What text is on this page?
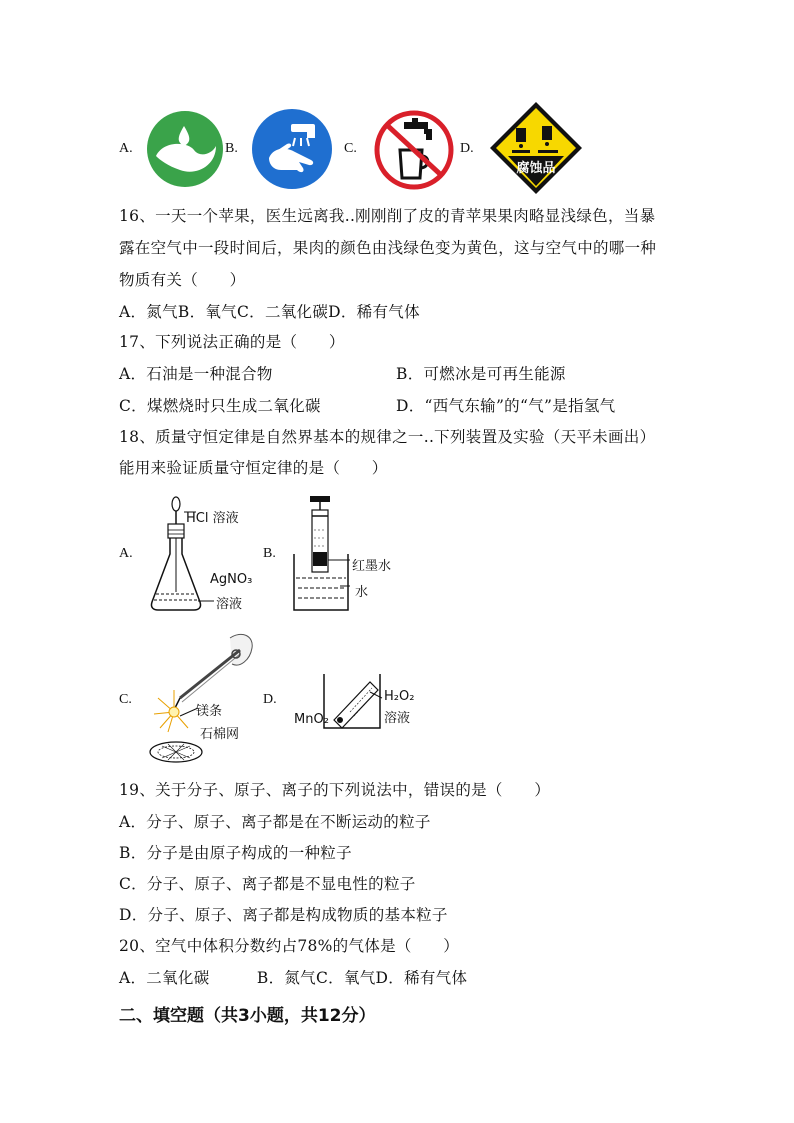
A.	B.	C.	D.
腐蚀品
16、一天一个苹果，医生远离我..刚刚削了皮的青苹果果肉略显浅绿色，当暴
露在空气中一段时间后，果肉的颜色由浅绿色变为黄色，这与空气中的哪一种
物质有关（　　）
A．氮气B．氧气C．二氧化碳D．稀有气体
17、下列说法正确的是（　　）
A．石油是一种混合物	B．可燃冰是可再生能源
C．煤燃烧时只生成二氧化碳	D．“西气东输”的“气”是指氢气
18、质量守恒定律是自然界基本的规律之一..下列装置及实验（天平未画出）
能用来验证质量守恒定律的是（　　）
A.
HCl 溶液
AgNO₃
溶液
B.
红墨水
水
C.
镁条
石棉网
D.	H₂O₂
溶液
MnO₂
19、关于分子、原子、离子的下列说法中，错误的是（　　）
A．分子、原子、离子都是在不断运动的粒子
B．分子是由原子构成的一种粒子
C．分子、原子、离子都是不显电性的粒子
D．分子、原子、离子都是构成物质的基本粒子
20、空气中体积分数约占78%的气体是（　　）
A．二氧化碳　　　B．氮气C．氧气D．稀有气体
二、填空题（共3小题，共12分）
